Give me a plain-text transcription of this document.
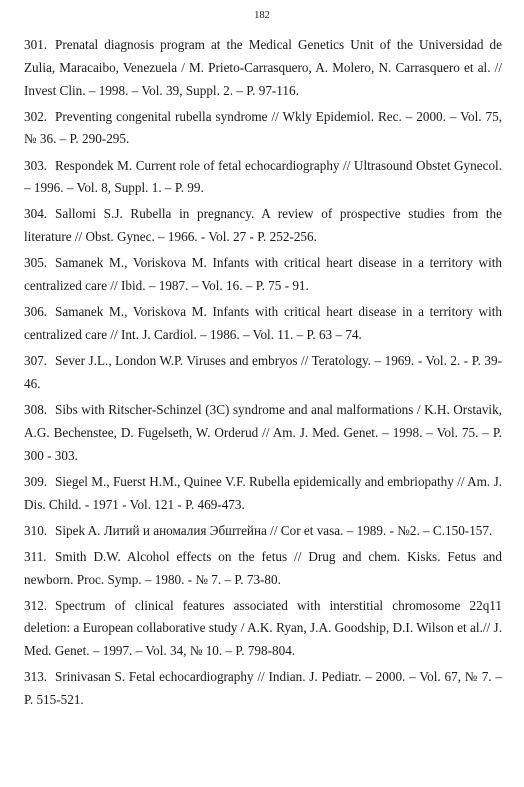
182
301. Prenatal diagnosis program at the Medical Genetics Unit of the Universidad de Zulia, Maracaibo, Venezuela / M. Prieto-Carrasquero, A. Molero, N. Carrasquero et al. // Invest Clin. – 1998. – Vol. 39, Suppl. 2. – P. 97-116.
302. Preventing congenital rubella syndrome // Wkly Epidemiol. Rec. – 2000. – Vol. 75, № 36. – P. 290-295.
303. Respondek M. Current role of fetal echocardiography // Ultrasound Obstet Gynecol. – 1996. – Vol. 8, Suppl. 1. – P. 99.
304. Sallomi S.J. Rubella in pregnancy. A review of prospective studies from the literature // Obst. Gynec. – 1966. - Vol. 27 - P. 252-256.
305. Samanek M., Voriskova M. Infants with critical heart disease in a territory with centralized care // Ibid. – 1987. – Vol. 16. – P. 75 - 91.
306. Samanek M., Voriskova M. Infants with critical heart disease in a territory with centralized care // Int. J. Cardiol. – 1986. – Vol. 11. – P. 63 – 74.
307. Sever J.L., London W.P. Viruses and embryos // Teratology. – 1969. - Vol. 2. - P. 39-46.
308. Sibs with Ritscher-Schinzel (3C) syndrome and anal malformations / K.H. Orstavik, A.G. Bechenstee, D. Fugelseth, W. Orderud // Am. J. Med. Genet. – 1998. – Vol. 75. – P. 300 - 303.
309. Siegel M., Fuerst H.M., Quinee V.F. Rubella epidemically and embriopathy // Am. J. Dis. Child. - 1971 - Vol. 121 - P. 469-473.
310. Sipek A. Литий и аномалия Эбштейна // Cor et vasa. – 1989. - №2. – C.150-157.
311. Smith D.W. Alcohol effects on the fetus // Drug and chem. Kisks. Fetus and newborn. Proc. Symp. – 1980. - № 7. – P. 73-80.
312. Spectrum of clinical features associated with interstitial chromosome 22q11 deletion: a European collaborative study / A.K. Ryan, J.A. Goodship, D.I. Wilson et al.// J. Med. Genet. – 1997. – Vol. 34, № 10. – P. 798-804.
313. Srinivasan S. Fetal echocardiography // Indian. J. Pediatr. – 2000. – Vol. 67, № 7. – P. 515-521.
